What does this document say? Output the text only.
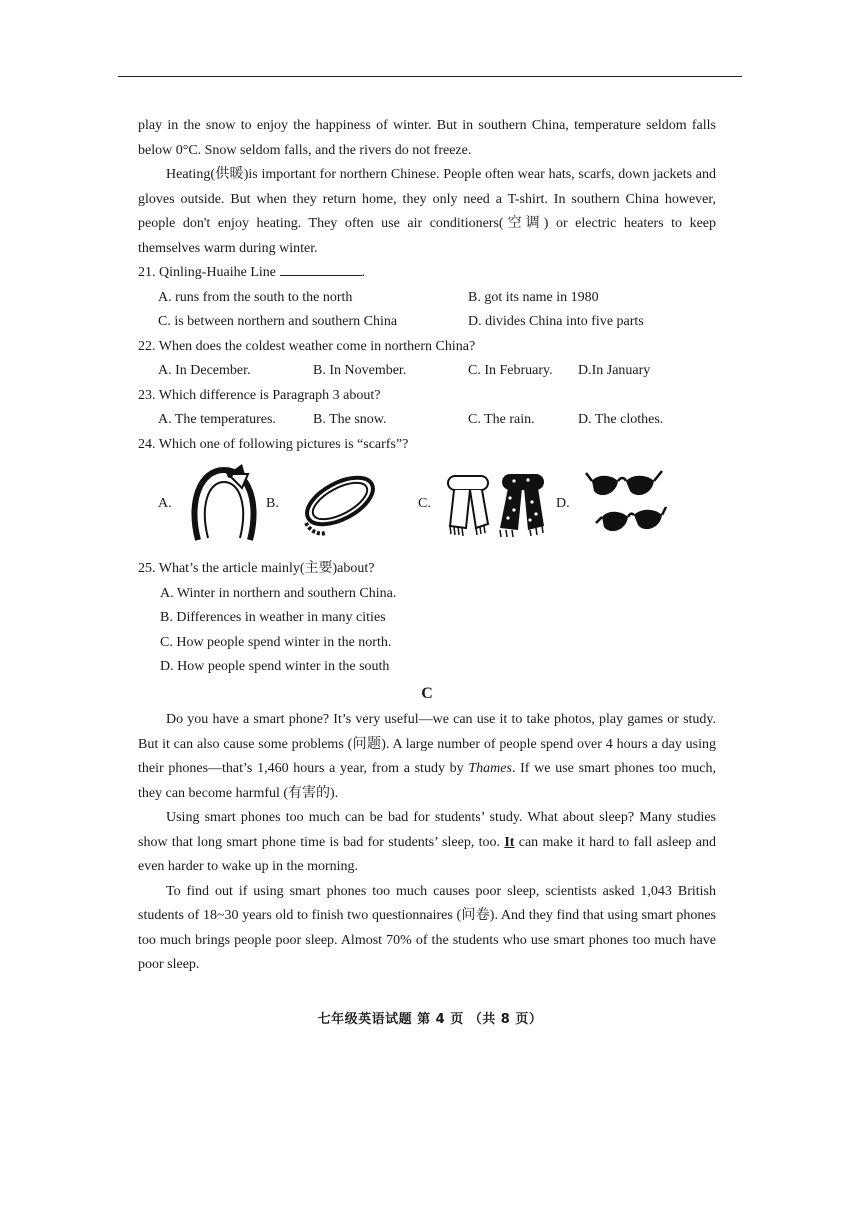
play in the snow to enjoy the happiness of winter. But in southern China, temperature seldom falls below 0°C. Snow seldom falls, and the rivers do not freeze.

Heating(供暖)is important for northern Chinese. People often wear hats, scarfs, down jackets and gloves outside. But when they return home, they only need a T-shirt. In southern China however, people don't enjoy heating. They often use air conditioners(空调) or electric heaters to keep themselves warm during winter.

21. Qinling-Huaihe Line	.
A. runs from the south to the north	B. got its name in 1980
C. is between northern and southern China	D. divides China into five parts
22. When does the coldest weather come in northern China?
A. In December.	B. In November.	C. In February.	D.In January
23. Which difference is Paragraph 3 about?
A. The temperatures.	B. The snow.	C. The rain.	D. The clothes.
24. Which one of following pictures is “scarfs”?
A.	B.	C.	D.
25. What’s the article mainly(主要)about?
A. Winter in northern and southern China.
B. Differences in weather in many cities
C. How people spend winter in the north.
D. How people spend winter in the south
C

Do you have a smart phone? It’s very useful—we can use it to take photos, play games or study. But it can also cause some problems (问题). A large number of people spend over 4 hours a day using their phones—that’s 1,460 hours a year, from a study by Thames. If we use smart phones too much, they can become harmful (有害的).

Using smart phones too much can be bad for students’ study. What about sleep? Many studies show that long smart phone time is bad for students’ sleep, too. It can make it hard to fall asleep and even harder to wake up in the morning.

To find out if using smart phones too much causes poor sleep, scientists asked 1,043 British students of 18~30 years old to finish two questionnaires (问卷). And they find that using smart phones too much brings people poor sleep. Almost 70% of the students who use smart phones too much have poor sleep.

七年级英语试题 第 4 页 （共 8 页）
